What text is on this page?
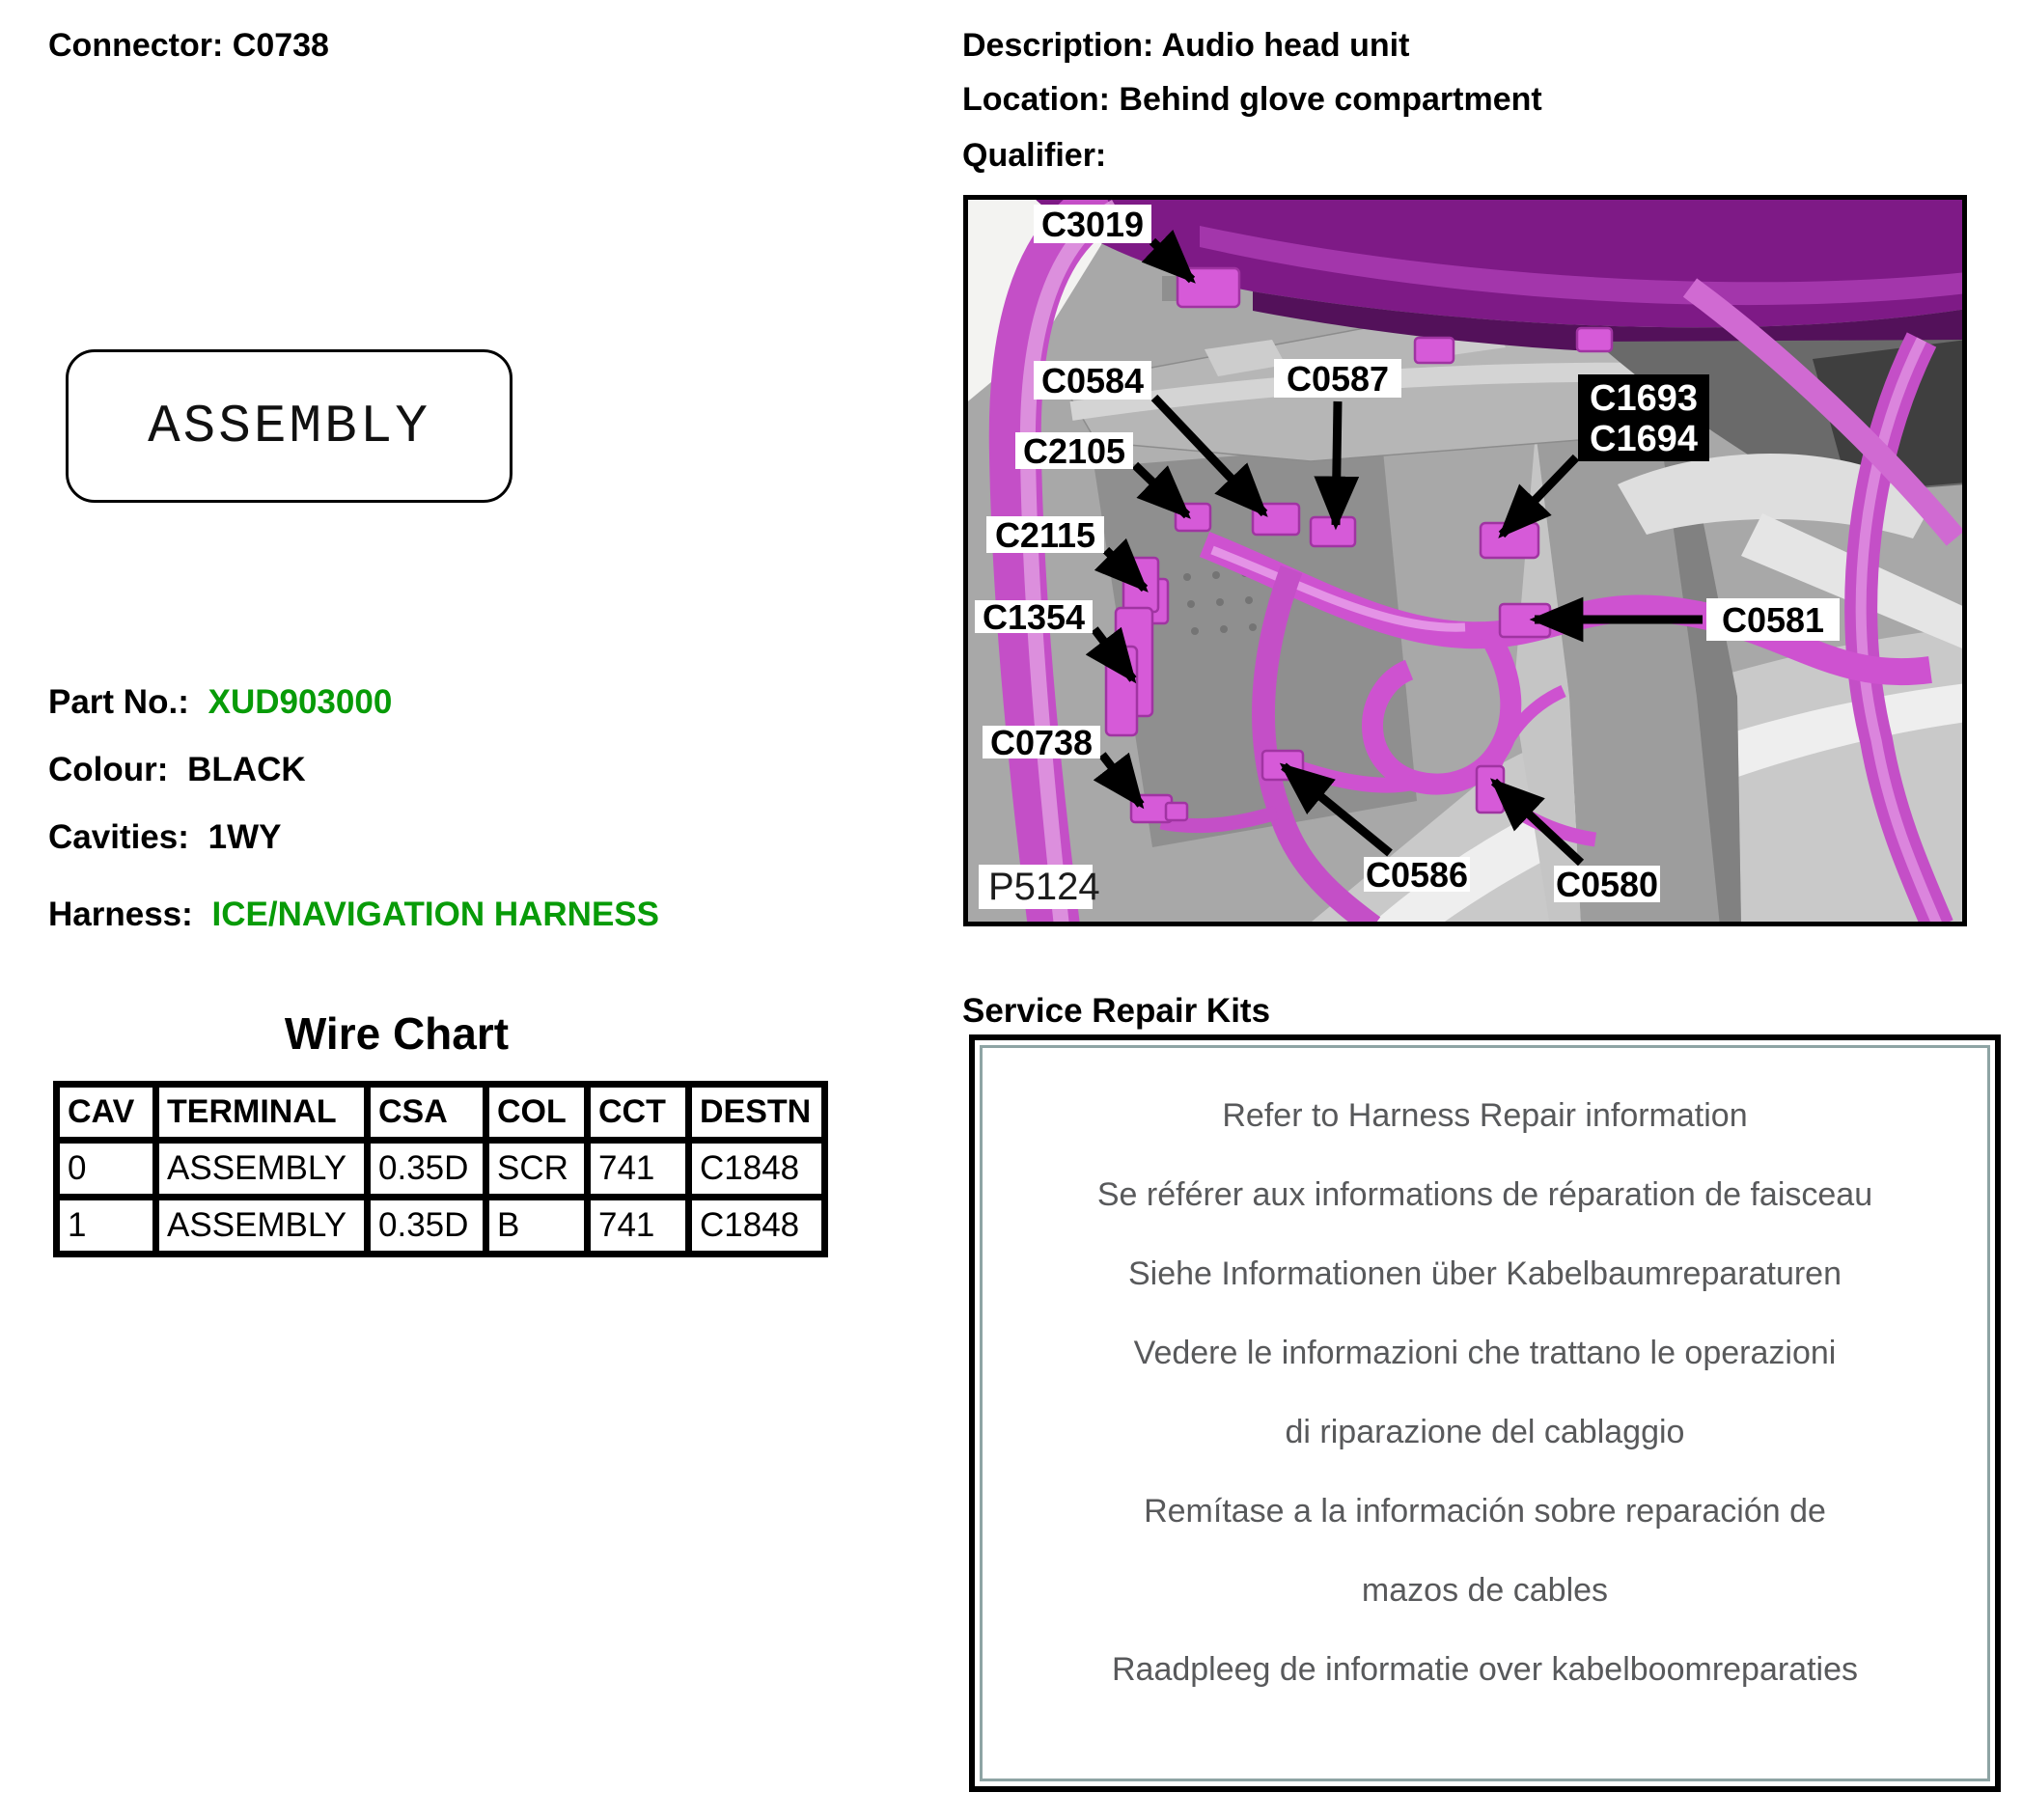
Connector: C0738	Description: Audio head unit
Location: Behind glove compartment
Qualifier:
ASSEMBLY
Part No.: XUD903000
Colour: BLACK
Cavities: 1WY
Harness: ICE/NAVIGATION HARNESS
Wire Chart
CAV	TERMINAL	CSA	COL	CCT	DESTN
0	ASSEMBLY	0.35D	SCR	741	C1848
1	ASSEMBLY	0.35D	B	741	C1848
C3019
C0584	C0587	C1693
C1694
C2105
C2115
C1354	C0581
C0738
C0586	C0580
P5124
Service Repair Kits
Refer to Harness Repair information
Se référer aux informations de réparation de faisceau
Siehe Informationen über Kabelbaumreparaturen
Vedere le informazioni che trattano le operazioni
di riparazione del cablaggio
Remítase a la información sobre reparación de
mazos de cables
Raadpleeg de informatie over kabelboomreparaties
